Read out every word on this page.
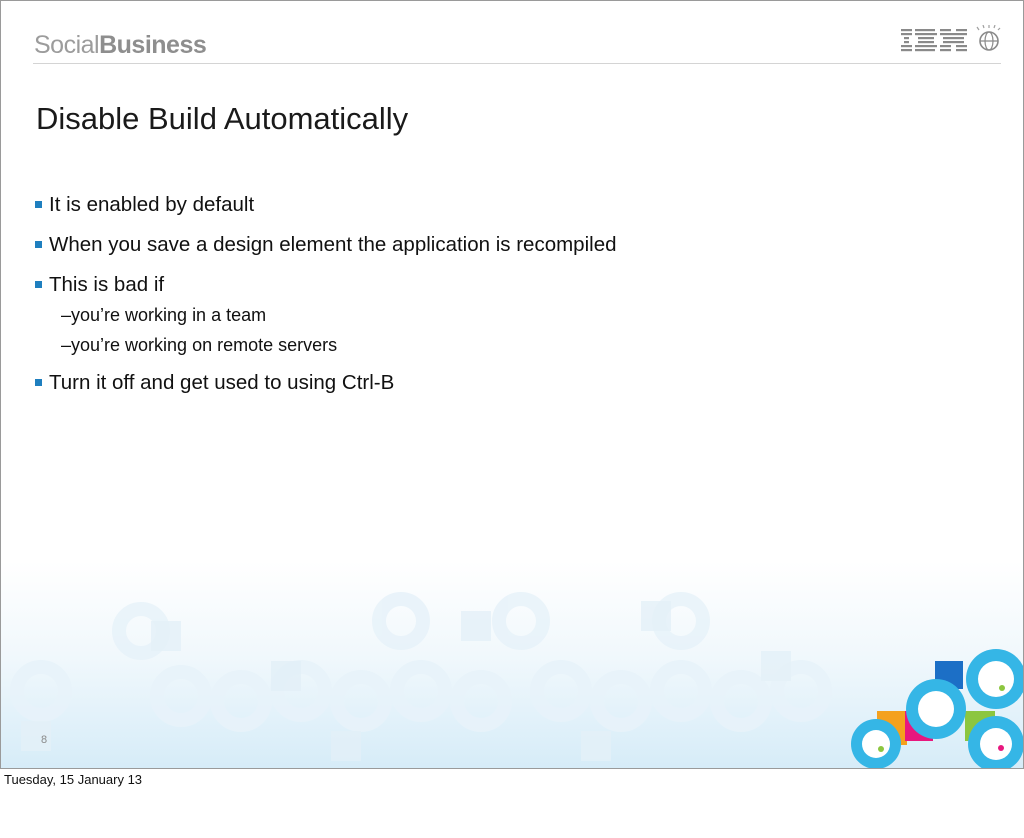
SocialBusiness
Disable Build Automatically
It is enabled by default
When you save a design element the application is recompiled
This is bad if
–you’re working in a team
–you’re working on remote servers
Turn it off and get used to using Ctrl-B
8
Tuesday, 15 January 13
